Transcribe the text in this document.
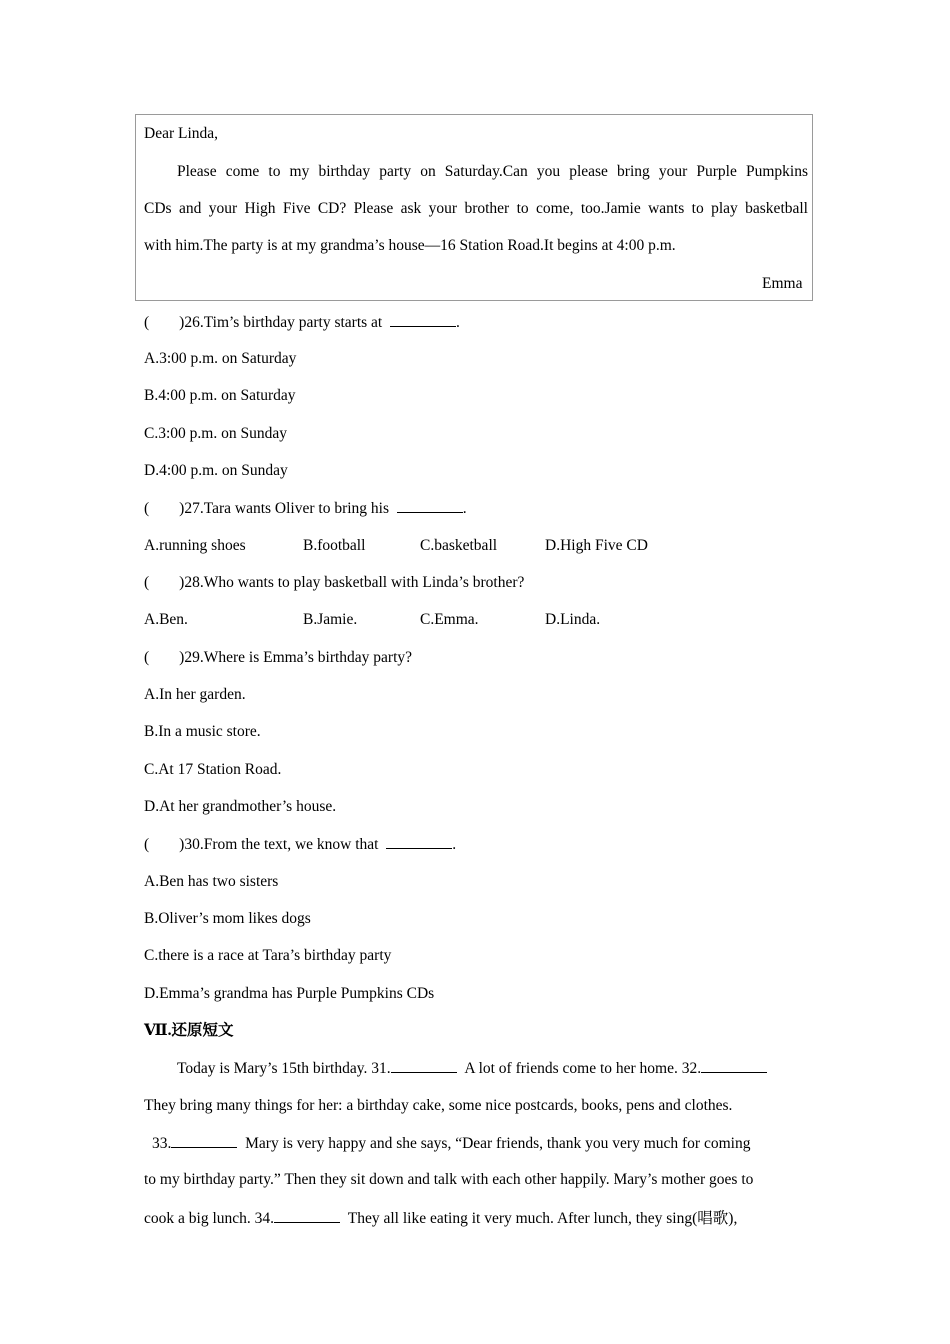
Dear Linda,
Please come to my birthday party on Saturday.Can you please bring your Purple Pumpkins
CDs and your High Five CD? Please ask your brother to come, too.Jamie wants to play basketball
with him.The party is at my grandma’s house—16 Station Road.It begins at 4:00 p.m.
Emma
( )26.Tim’s birthday party starts at	.
A.3:00 p.m. on Saturday
B.4:00 p.m. on Saturday
C.3:00 p.m. on Sunday
D.4:00 p.m. on Sunday
( )27.Tara wants Oliver to bring his	.
A.running shoes	B.football	C.basketball	D.High Five CD
( )28.Who wants to play basketball with Linda’s brother?
A.Ben.	B.Jamie.	C.Emma.	D.Linda.
( )29.Where is Emma’s birthday party?
A.In her garden.
B.In a music store.
C.At 17 Station Road.
D.At her grandmother’s house.
( )30.From the text, we know that	.
A.Ben has two sisters
B.Oliver’s mom likes dogs
C.there is a race at Tara’s birthday party
D.Emma’s grandma has Purple Pumpkins CDs
Ⅶ.还原短文
Today is Mary’s 15th birthday. 31.	A lot of friends come to her home. 32.
They bring many things for her: a birthday cake, some nice postcards, books, pens and clothes.
33.	Mary is very happy and she says, “Dear friends, thank you very much for coming
to my birthday party.” Then they sit down and talk with each other happily. Mary’s mother goes to
cook a big lunch. 34.	They all like eating it very much. After lunch, they sing(唱歌),
